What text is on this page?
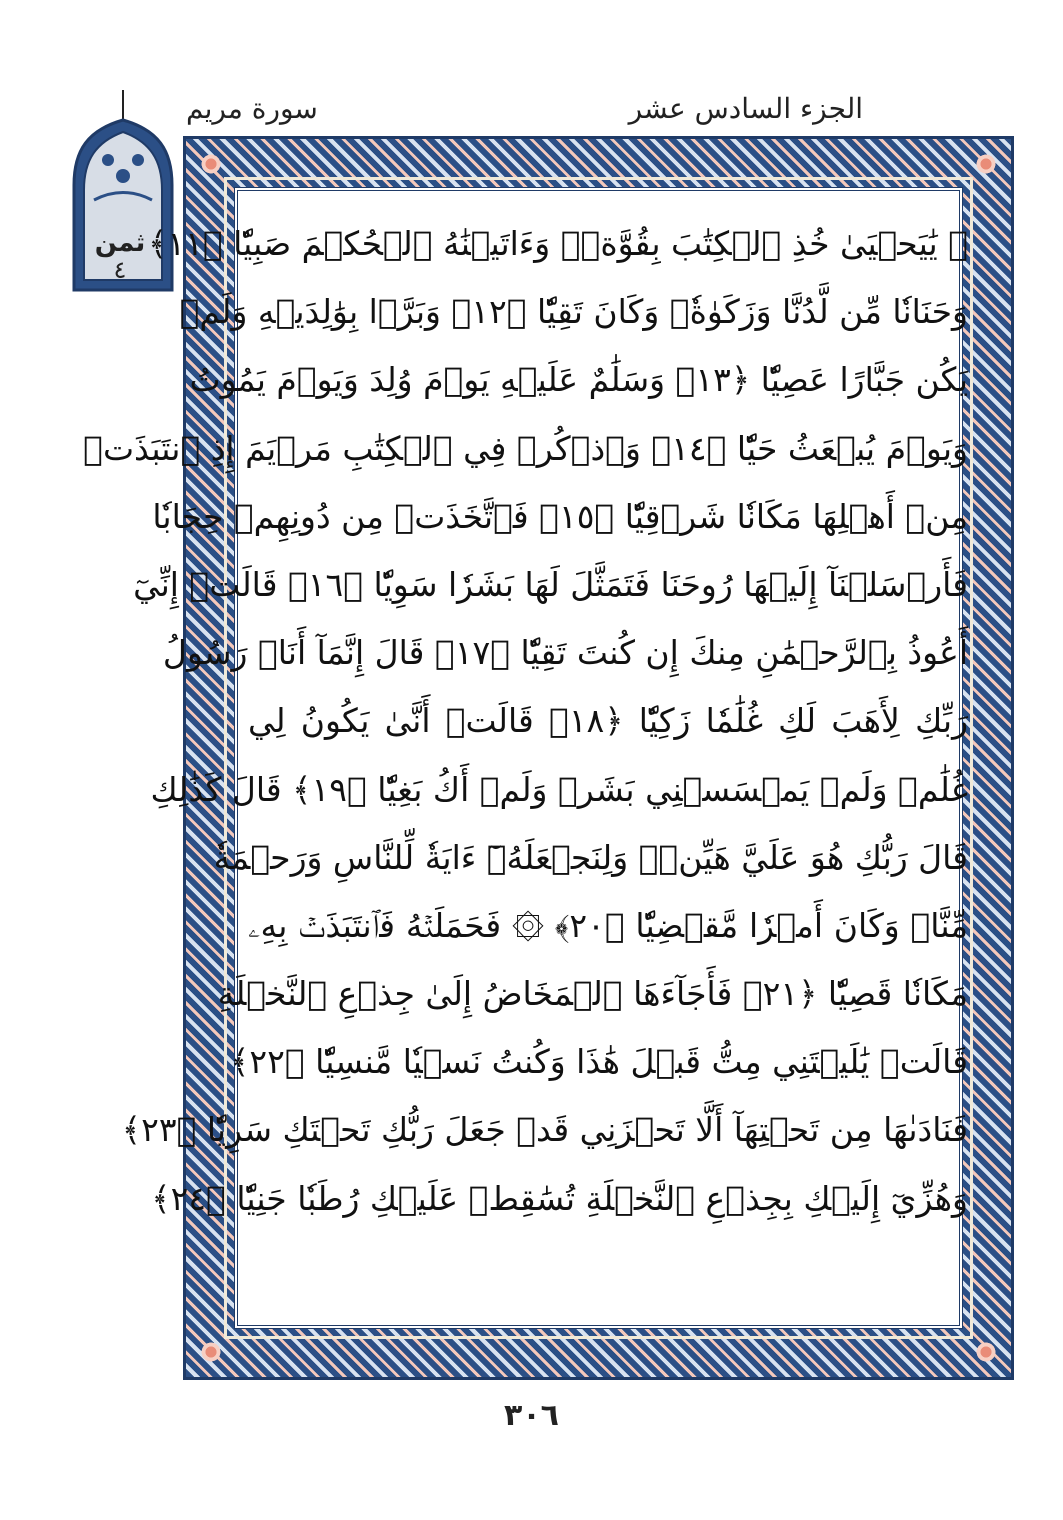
الجزء السادس عشر
سورة مريم
ثمن
٤
۞ يَٰيَحۡيَىٰ خُذِ ٱلۡكِتَٰبَ بِقُوَّةٖۖ وَءَاتَيۡنَٰهُ ٱلۡحُكۡمَ صَبِيّٗا ﴿١١﴾
وَحَنَانٗا مِّن لَّدُنَّا وَزَكَوٰةٗۖ وَكَانَ تَقِيّٗا ﴿١٢﴾ وَبَرَّۢا بِوَٰلِدَيۡهِ وَلَمۡ
يَكُن جَبَّارًا عَصِيّٗا ﴿١٣﴾ وَسَلَٰمٌ عَلَيۡهِ يَوۡمَ وُلِدَ وَيَوۡمَ يَمُوتُ
وَيَوۡمَ يُبۡعَثُ حَيّٗا ﴿١٤﴾ وَٱذۡكُرۡ فِي ٱلۡكِتَٰبِ مَرۡيَمَ إِذِ ٱنتَبَذَتۡ
مِنۡ أَهۡلِهَا مَكَانٗا شَرۡقِيّٗا ﴿١٥﴾ فَٱتَّخَذَتۡ مِن دُونِهِمۡ حِجَابٗا
فَأَرۡسَلۡنَآ إِلَيۡهَا رُوحَنَا فَتَمَثَّلَ لَهَا بَشَرٗا سَوِيّٗا ﴿١٦﴾ قَالَتۡ إِنِّيٓ
أَعُوذُ بِٱلرَّحۡمَٰنِ مِنكَ إِن كُنتَ تَقِيّٗا ﴿١٧﴾ قَالَ إِنَّمَآ أَنَا۠ رَسُولُ
رَبِّكِ لِأَهَبَ لَكِ غُلَٰمٗا زَكِيّٗا ﴿١٨﴾ قَالَتۡ أَنَّىٰ يَكُونُ لِي
غُلَٰمٞ وَلَمۡ يَمۡسَسۡنِي بَشَرٞ وَلَمۡ أَكُ بَغِيّٗا ﴿١٩﴾ قَالَ كَذَٰلِكِ
قَالَ رَبُّكِ هُوَ عَلَيَّ هَيِّنٞۖ وَلِنَجۡعَلَهُۥٓ ءَايَةٗ لِّلنَّاسِ وَرَحۡمَةٗ
مِّنَّاۚ وَكَانَ أَمۡرٗا مَّقۡضِيّٗا ﴿٢٠﴾ ۞ فَحَمَلَتۡهُ فَٱنتَبَذَتۡ بِهِۦ
مَكَانٗا قَصِيّٗا ﴿٢١﴾ فَأَجَآءَهَا ٱلۡمَخَاضُ إِلَىٰ جِذۡعِ ٱلنَّخۡلَةِ
قَالَتۡ يَٰلَيۡتَنِي مِتُّ قَبۡلَ هَٰذَا وَكُنتُ نَسۡيٗا مَّنسِيّٗا ﴿٢٢﴾
فَنَادَىٰهَا مِن تَحۡتِهَآ أَلَّا تَحۡزَنِي قَدۡ جَعَلَ رَبُّكِ تَحۡتَكِ سَرِيّٗا ﴿٢٣﴾
وَهُزِّيٓ إِلَيۡكِ بِجِذۡعِ ٱلنَّخۡلَةِ تُسَٰقِطۡ عَلَيۡكِ رُطَبٗا جَنِيّٗا ﴿٢٤﴾
٣٠٦
